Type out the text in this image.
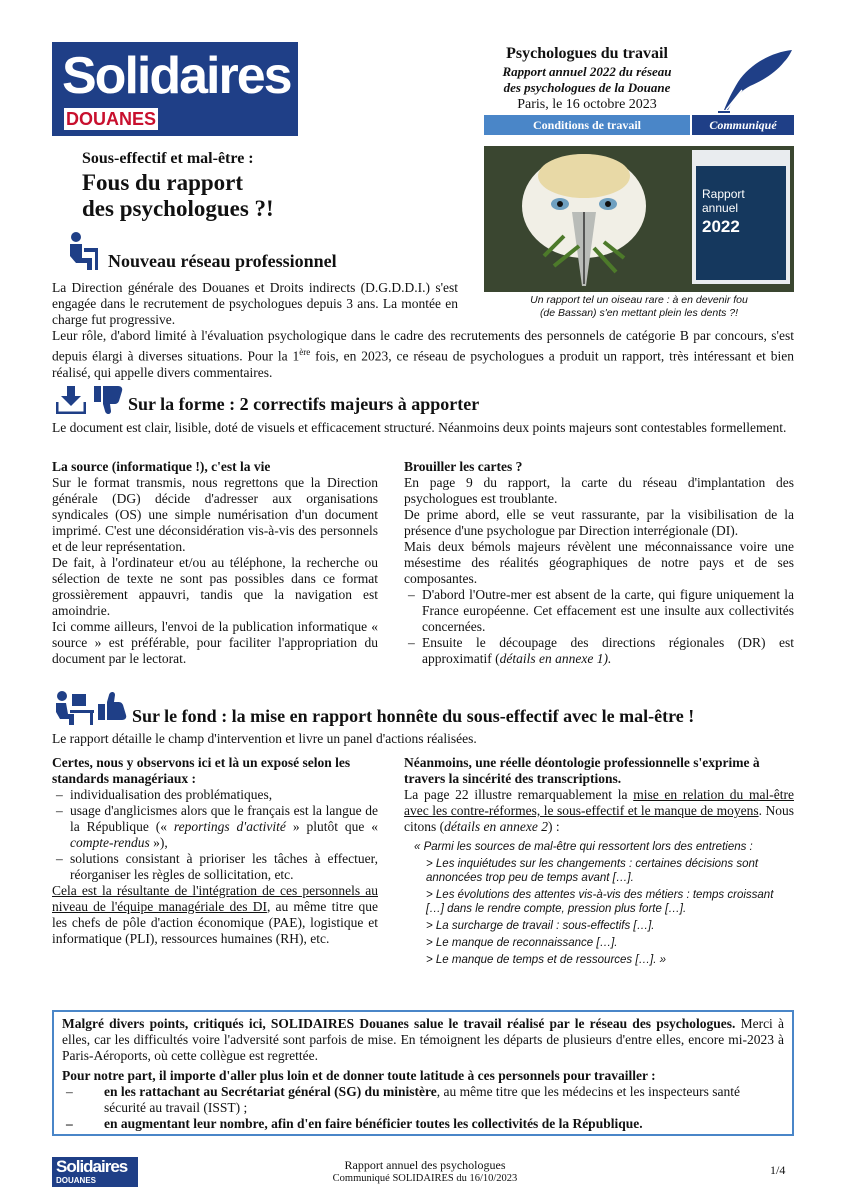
Solidaires
DOUANES
Psychologues du travail
Rapport annuel 2022 du réseau
des psychologues de la Douane
Paris, le 16 octobre 2023
Conditions de travail	Communiqué
Sous-effectif et mal-être :
Fous du rapport
des psychologues ?!
Rapport
annuel
2022
Un rapport tel un oiseau rare : à en devenir fou
(de Bassan) s'en mettant plein les dents ?!
Nouveau réseau professionnel
La Direction générale des Douanes et Droits indirects (D.G.D.D.I.) s'est engagée dans le recrutement de psychologues depuis 3 ans. La montée en charge fut progressive.
Leur rôle, d'abord limité à l'évaluation psychologique dans le cadre des recrutements des personnels de catégorie B par concours, s'est depuis élargi à diverses situations. Pour la 1ère fois, en 2023, ce réseau de psychologues a produit un rapport, très intéressant et bien réalisé, qui appelle divers commentaires.
Sur la forme : 2 correctifs majeurs à apporter
Le document est clair, lisible, doté de visuels et efficacement structuré. Néanmoins deux points majeurs sont contestables formellement.
La source (informatique !), c'est la vie
Sur le format transmis, nous regrettons que la Direction générale (DG) décide d'adresser aux organisations syndicales (OS) une simple numérisation d'un document imprimé. C'est une déconsidération vis-à-vis des personnels et de leur représentation.
De fait, à l'ordinateur et/ou au téléphone, la recherche ou sélection de texte ne sont pas possibles dans ce format grossièrement appauvri, tandis que la navigation est amoindrie.
Ici comme ailleurs, l'envoi de la publication informatique « source » est préférable, pour faciliter l'appropriation du document par le lectorat.
Brouiller les cartes ?
En page 9 du rapport, la carte du réseau d'implantation des psychologues est troublante.
De prime abord, elle se veut rassurante, par la visibilisation de la présence d'une psychologue par Direction interrégionale (DI).
Mais deux bémols majeurs révèlent une méconnaissance voire une mésestime des réalités géographiques de notre pays et de ses composantes.
– D'abord l'Outre-mer est absent de la carte, qui figure uniquement la France européenne. Cet effacement est une insulte aux collectivités concernées.
– Ensuite le découpage des directions régionales (DR) est approximatif (détails en annexe 1).
Sur le fond : la mise en rapport honnête du sous-effectif avec le mal-être !
Le rapport détaille le champ d'intervention et livre un panel d'actions réalisées.
Certes, nous y observons ici et là un exposé selon les standards managériaux :
– individualisation des problématiques,
– usage d'anglicismes alors que le français est la langue de la République (« reportings d'activité » plutôt que « compte-rendus »),
– solutions consistant à prioriser les tâches à effectuer, réorganiser les règles de sollicitation, etc.
Cela est la résultante de l'intégration de ces personnels au niveau de l'équipe managériale des DI, au même titre que les chefs de pôle d'action économique (PAE), logistique et informatique (PLI), ressources humaines (RH), etc.
Néanmoins, une réelle déontologie professionnelle s'exprime à travers la sincérité des transcriptions.
La page 22 illustre remarquablement la mise en relation du mal-être avec les contre-réformes, le sous-effectif et le manque de moyens. Nous citons (détails en annexe 2) :

« Parmi les sources de mal-être qui ressortent lors des entretiens :

> Les inquiétudes sur les changements : certaines décisions sont annoncées trop peu de temps avant […].

> Les évolutions des attentes vis-à-vis des métiers : temps croissant […] dans le rendre compte, pression plus forte […].

> La surcharge de travail : sous-effectifs […].

> Le manque de reconnaissance […].

> Le manque de temps et de ressources […]. »

Malgré divers points, critiqués ici, SOLIDAIRES Douanes salue le travail réalisé par le réseau des psychologues. Merci à elles, car les difficultés voire l'adversité sont parfois de mise. En témoignent les départs de plusieurs d'entre elles, encore mi-2023 à Paris-Aéroports, où cette collègue est regrettée.

Pour notre part, il importe d'aller plus loin et de donner toute latitude à ces personnels pour travailler :

– en les rattachant au Secrétariat général (SG) du ministère, au même titre que les médecins et les inspecteurs santé sécurité au travail (ISST) ;
– en augmentant leur nombre, afin d'en faire bénéficier toutes les collectivités de la République.
Solidaires
DOUANES
Rapport annuel des psychologues
Communiqué SOLIDAIRES du 16/10/2023
1/4
